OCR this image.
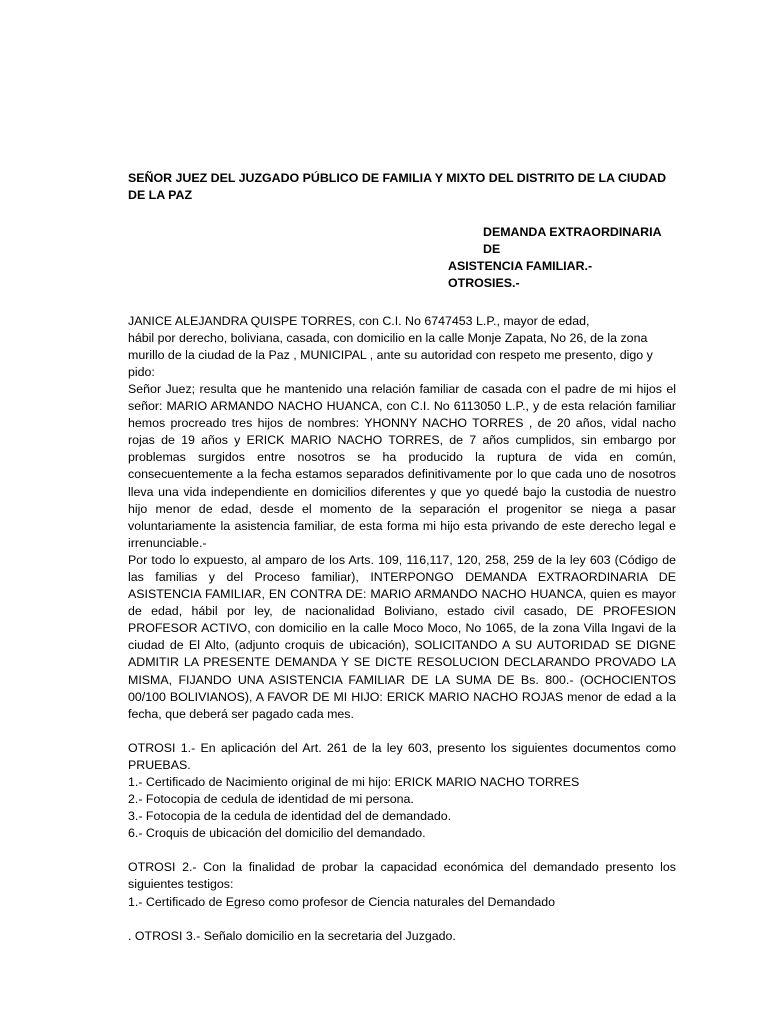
SEÑOR JUEZ DEL JUZGADO PÚBLICO DE FAMILIA Y MIXTO DEL DISTRITO DE LA CIUDAD DE LA PAZ

DEMANDA EXTRAORDINARIA DE
ASISTENCIA FAMILIAR.-
OTROSIES.-

JANICE ALEJANDRA QUISPE TORRES, con C.I. No 6747453 L.P., mayor de edad,

hábil por derecho, boliviana, casada, con domicilio en la calle Monje Zapata, No 26, de la zona murillo de la ciudad de la Paz , MUNICIPAL , ante su autoridad con respeto me presento, digo y pido:

Señor Juez; resulta que he mantenido una relación familiar de casada con el padre de mi hijos el señor: MARIO ARMANDO NACHO HUANCA, con C.I. No 6113050 L.P., y de esta relación familiar hemos procreado tres hijos de nombres: YHONNY NACHO TORRES , de 20 años, vidal nacho rojas de 19 años y ERICK MARIO NACHO TORRES, de 7 años cumplidos, sin embargo por problemas surgidos entre nosotros se ha producido la ruptura de vida en común, consecuentemente a la fecha estamos separados definitivamente por lo que cada uno de nosotros lleva una vida independiente en domicilios diferentes y que yo quedé bajo la custodia de nuestro hijo menor de edad, desde el momento de la separación el progenitor se niega a pasar voluntariamente la asistencia familiar, de esta forma mi hijo esta privando de este derecho legal e irrenunciable.-

Por todo lo expuesto, al amparo de los Arts. 109, 116,117, 120, 258, 259 de la ley 603 (Código de las familias y del Proceso familiar), INTERPONGO DEMANDA EXTRAORDINARIA DE ASISTENCIA FAMILIAR, EN CONTRA DE: MARIO ARMANDO NACHO HUANCA, quien es mayor de edad, hábil por ley, de nacionalidad Boliviano, estado civil casado, DE PROFESION PROFESOR ACTIVO, con domicilio en la calle Moco Moco, No 1065, de la zona Villa Ingavi de la ciudad de El Alto, (adjunto croquis de ubicación), SOLICITANDO A SU AUTORIDAD SE DIGNE ADMITIR LA PRESENTE DEMANDA Y SE DICTE RESOLUCION DECLARANDO PROVADO LA MISMA, FIJANDO UNA ASISTENCIA FAMILIAR DE LA SUMA DE Bs. 800.- (OCHOCIENTOS 00/100 BOLIVIANOS), A FAVOR DE MI HIJO: ERICK MARIO NACHO ROJAS menor de edad a la fecha, que deberá ser pagado cada mes.

OTROSI 1.- En aplicación del Art. 261 de la ley 603, presento los siguientes documentos como PRUEBAS.

1.- Certificado de Nacimiento original de mi hijo: ERICK MARIO NACHO TORRES

2.- Fotocopia de cedula de identidad de mi persona.

3.- Fotocopia de la cedula de identidad del de demandado.

6.- Croquis de ubicación del domicilio del demandado.

OTROSI 2.- Con la finalidad de probar la capacidad económica del demandado presento los siguientes testigos:

1.- Certificado de Egreso como profesor de Ciencia naturales del Demandado

. OTROSI 3.- Señalo domicilio en la secretaria del Juzgado.
